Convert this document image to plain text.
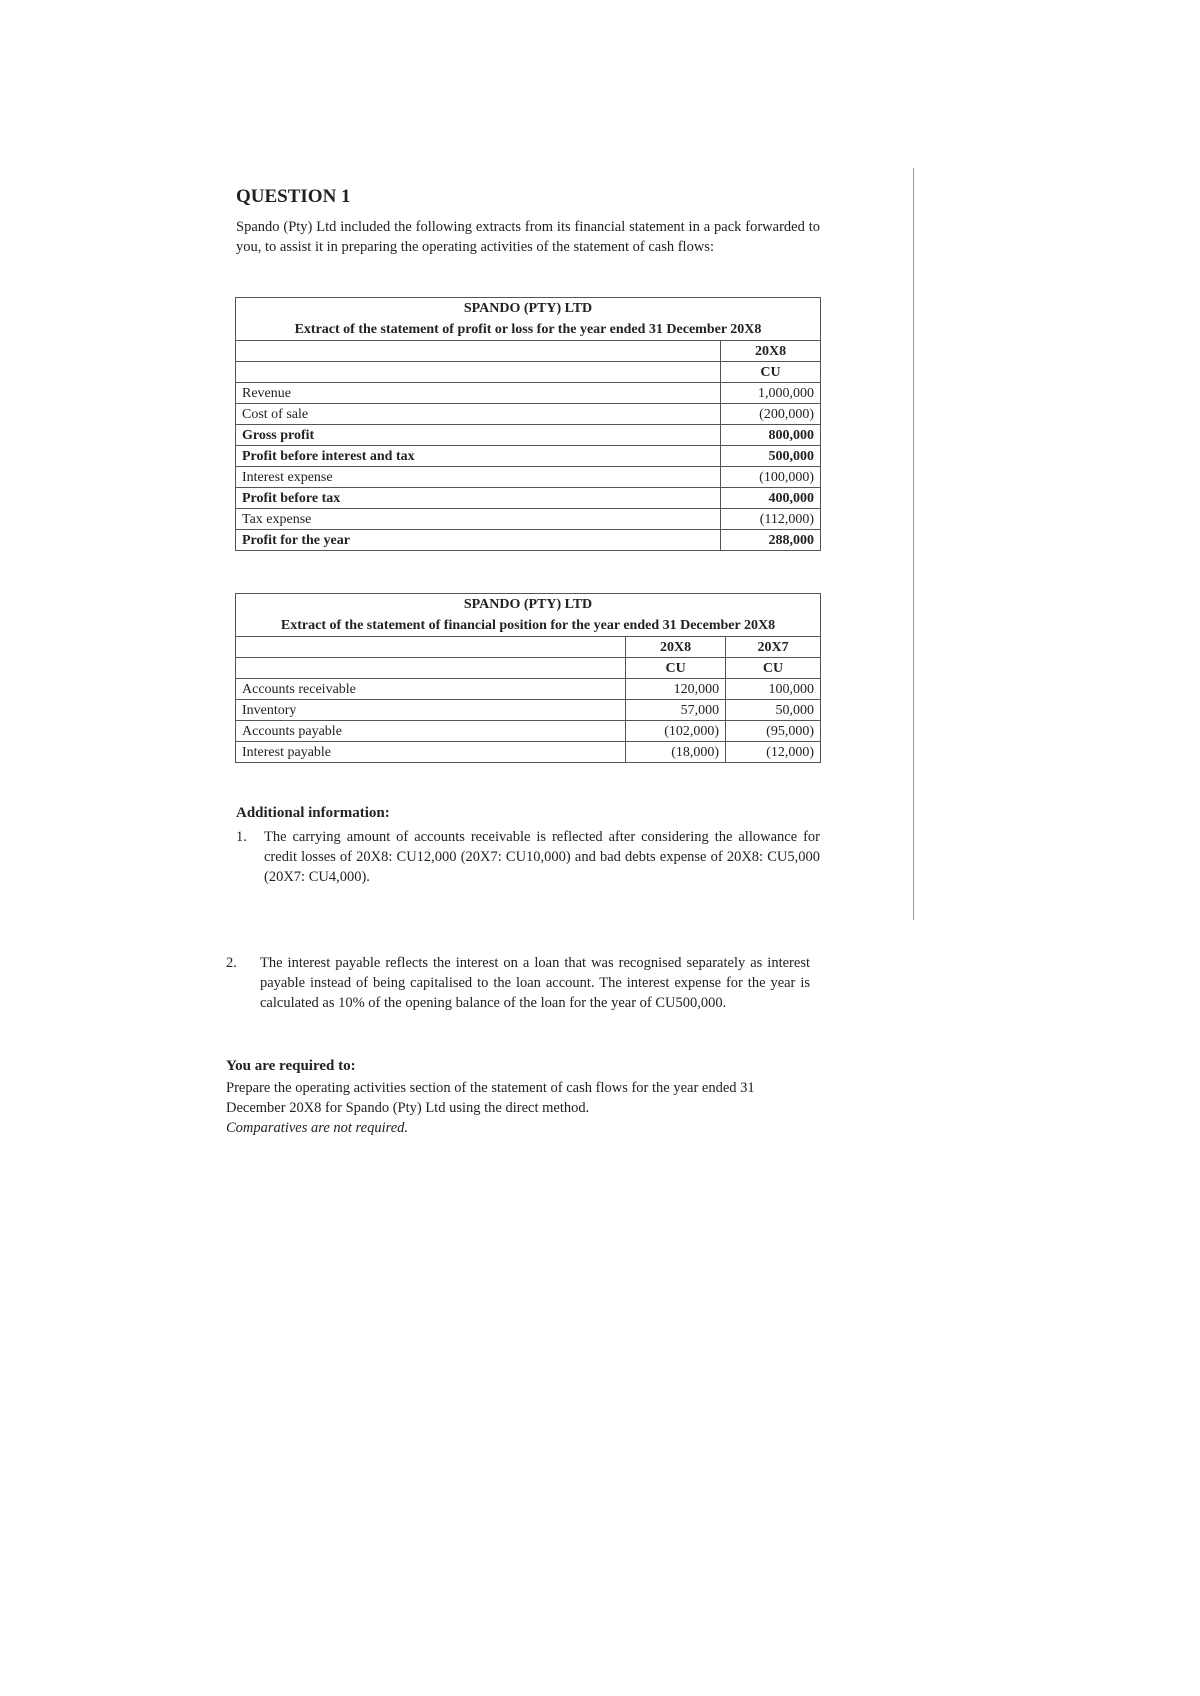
QUESTION 1
Spando (Pty) Ltd included the following extracts from its financial statement in a pack forwarded to you, to assist it in preparing the operating activities of the statement of cash flows:
SPANDO (PTY) LTD	
Extract of the statement of profit or loss for the year ended 31 December 20X8	
	20X8
	CU
Revenue	1,000,000
Cost of sale	(200,000)
Gross profit	800,000
Profit before interest and tax	500,000
Interest expense	(100,000)
Profit before tax	400,000
Tax expense	(112,000)
Profit for the year	288,000
SPANDO (PTY) LTD		
Extract of the statement of financial position for the year ended 31 December 20X8		
	20X8	20X7
	CU	CU
Accounts receivable	120,000	100,000
Inventory	57,000	50,000
Accounts payable	(102,000)	(95,000)
Interest payable	(18,000)	(12,000)
Additional information:
1. The carrying amount of accounts receivable is reflected after considering the allowance for credit losses of 20X8: CU12,000 (20X7: CU10,000) and bad debts expense of 20X8: CU5,000 (20X7: CU4,000).
2. The interest payable reflects the interest on a loan that was recognised separately as interest payable instead of being capitalised to the loan account. The interest expense for the year is calculated as 10% of the opening balance of the loan for the year of CU500,000.
You are required to:
Prepare the operating activities section of the statement of cash flows for the year ended 31 December 20X8 for Spando (Pty) Ltd using the direct method.
Comparatives are not required.
